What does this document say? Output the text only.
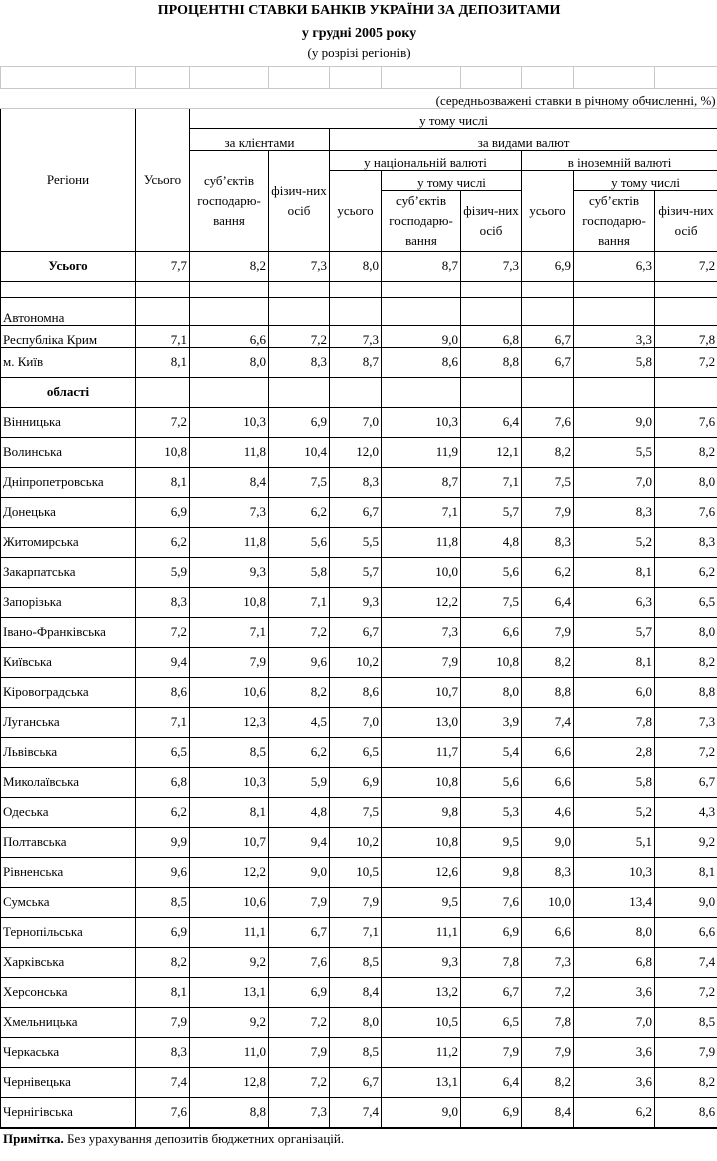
ПРОЦЕНТНІ СТАВКИ БАНКІВ УКРАЇНИ ЗА ДЕПОЗИТАМИ									
у грудні 2005 року									
(у розрізі регіонів)									

(середньозважені ставки в річному обчисленні, %)									
Регіони	Усього	у тому числі							
		за клієнтами		за видами валют					
		суб’єктів господарю-вання	фізич-них осіб	у національній валюті			в іноземній валюті		
				усього	у тому числі		усього	у тому числі	
					суб’єктів господарю-вання	фізич-них осіб		суб’єктів господарю-вання	фізич-них осіб
Усього	7,7	8,2	7,3	8,0	8,7	7,3	6,9	6,3	7,2

Автономна									
Республіка Крим	7,1	6,6	7,2	7,3	9,0	6,8	6,7	3,3	7,8
м. Київ	8,1	8,0	8,3	8,7	8,6	8,8	6,7	5,8	7,2
області									
Вінницька	7,2	10,3	6,9	7,0	10,3	6,4	7,6	9,0	7,6
Волинська	10,8	11,8	10,4	12,0	11,9	12,1	8,2	5,5	8,2
Дніпропетровська	8,1	8,4	7,5	8,3	8,7	7,1	7,5	7,0	8,0
Донецька	6,9	7,3	6,2	6,7	7,1	5,7	7,9	8,3	7,6
Житомирська	6,2	11,8	5,6	5,5	11,8	4,8	8,3	5,2	8,3
Закарпатська	5,9	9,3	5,8	5,7	10,0	5,6	6,2	8,1	6,2
Запорізька	8,3	10,8	7,1	9,3	12,2	7,5	6,4	6,3	6,5
Івано-Франківська	7,2	7,1	7,2	6,7	7,3	6,6	7,9	5,7	8,0
Київська	9,4	7,9	9,6	10,2	7,9	10,8	8,2	8,1	8,2
Кіровоградська	8,6	10,6	8,2	8,6	10,7	8,0	8,8	6,0	8,8
Луганська	7,1	12,3	4,5	7,0	13,0	3,9	7,4	7,8	7,3
Львівська	6,5	8,5	6,2	6,5	11,7	5,4	6,6	2,8	7,2
Миколаївська	6,8	10,3	5,9	6,9	10,8	5,6	6,6	5,8	6,7
Одеська	6,2	8,1	4,8	7,5	9,8	5,3	4,6	5,2	4,3
Полтавська	9,9	10,7	9,4	10,2	10,8	9,5	9,0	5,1	9,2
Рівненська	9,6	12,2	9,0	10,5	12,6	9,8	8,3	10,3	8,1
Сумська	8,5	10,6	7,9	7,9	9,5	7,6	10,0	13,4	9,0
Тернопільська	6,9	11,1	6,7	7,1	11,1	6,9	6,6	8,0	6,6
Харківська	8,2	9,2	7,6	8,5	9,3	7,8	7,3	6,8	7,4
Херсонська	8,1	13,1	6,9	8,4	13,2	6,7	7,2	3,6	7,2
Хмельницька	7,9	9,2	7,2	8,0	10,5	6,5	7,8	7,0	8,5
Черкаська	8,3	11,0	7,9	8,5	11,2	7,9	7,9	3,6	7,9
Чернівецька	7,4	12,8	7,2	6,7	13,1	6,4	8,2	3,6	8,2
Чернігівська	7,6	8,8	7,3	7,4	9,0	6,9	8,4	6,2	8,6
Примітка. Без урахування депозитів бюджетних організацій.
